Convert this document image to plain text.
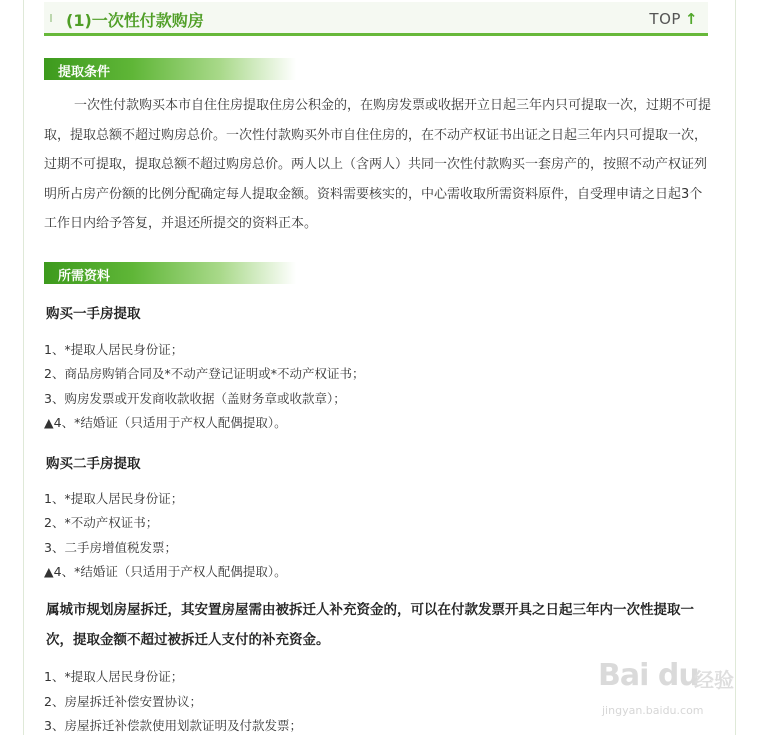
(1)一次性付款购房	TOP ↑
提取条件
一次性付款购买本市自住住房提取住房公积金的，在购房发票或收据开立日起三年内只可提取一次，过期不可提取，提取总额不超过购房总价。一次性付款购买外市自住住房的，在不动产权证书出证之日起三年内只可提取一次，过期不可提取，提取总额不超过购房总价。两人以上（含两人）共同一次性付款购买一套房产的，按照不动产权证列明所占房产份额的比例分配确定每人提取金额。资料需要核实的，中心需收取所需资料原件，自受理申请之日起3个工作日内给予答复，并退还所提交的资料正本。
所需资料
购买一手房提取
1、*提取人居民身份证；
2、商品房购销合同及*不动产登记证明或*不动产权证书；
3、购房发票或开发商收款收据（盖财务章或收款章）；
▲4、*结婚证（只适用于产权人配偶提取）。
购买二手房提取
1、*提取人居民身份证；
2、*不动产权证书；
3、二手房增值税发票；
▲4、*结婚证（只适用于产权人配偶提取）。
属城市规划房屋拆迁，其安置房屋需由被拆迁人补充资金的，可以在付款发票开具之日起三年内一次性提取一次，提取金额不超过被拆迁人支付的补充资金。
1、*提取人居民身份证；
2、房屋拆迁补偿安置协议；
3、房屋拆迁补偿款使用划款证明及付款发票；
Bai du
经验
jingyan.baidu.com
